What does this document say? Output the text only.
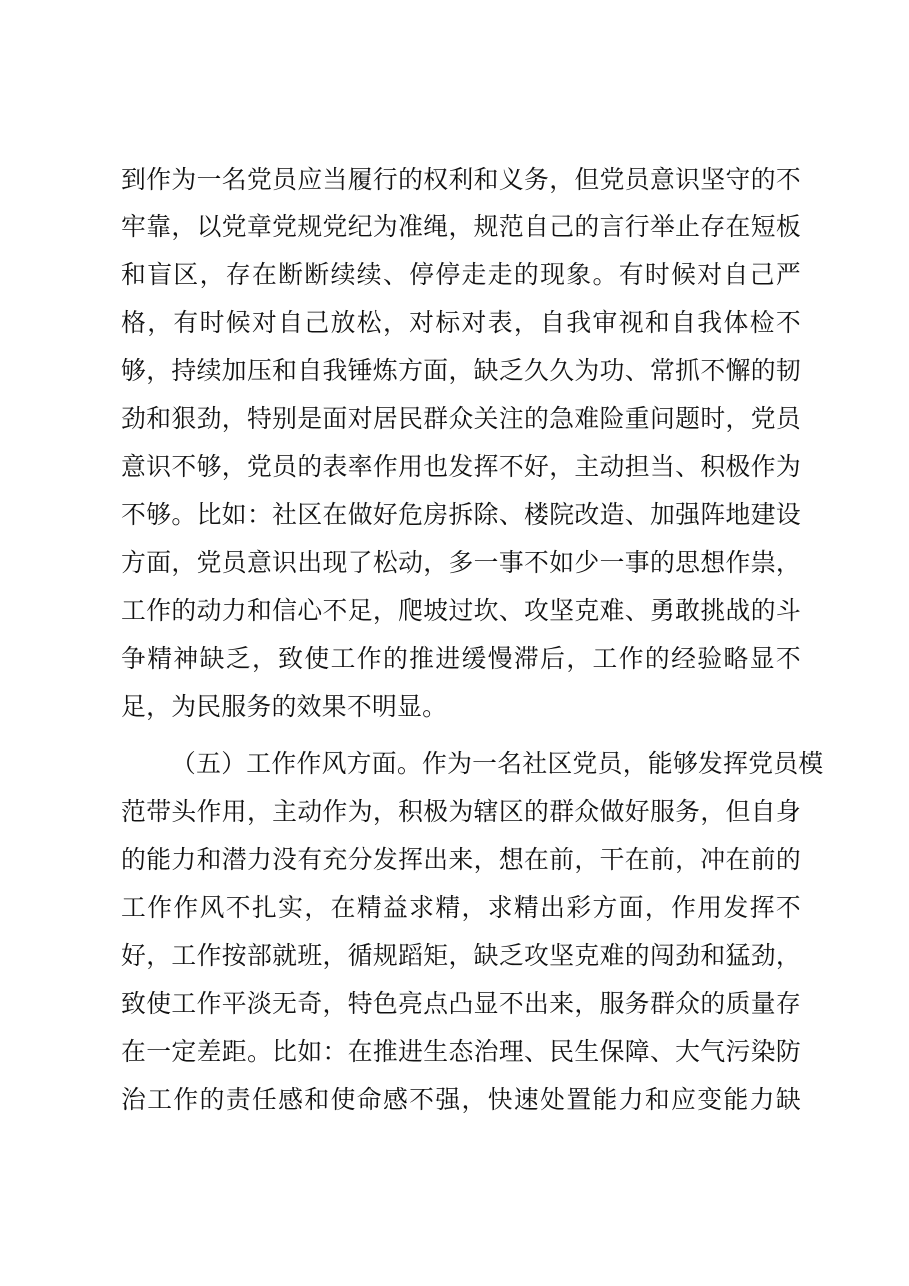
到作为一名党员应当履行的权利和义务，但党员意识坚守的不
牢靠，以党章党规党纪为准绳，规范自己的言行举止存在短板
和盲区，存在断断续续、停停走走的现象。有时候对自己严
格，有时候对自己放松，对标对表，自我审视和自我体检不
够，持续加压和自我锤炼方面，缺乏久久为功、常抓不懈的韧
劲和狠劲，特别是面对居民群众关注的急难险重问题时，党员
意识不够，党员的表率作用也发挥不好，主动担当、积极作为
不够。比如：社区在做好危房拆除、楼院改造、加强阵地建设
方面，党员意识出现了松动，多一事不如少一事的思想作祟，
工作的动力和信心不足，爬坡过坎、攻坚克难、勇敢挑战的斗
争精神缺乏，致使工作的推进缓慢滞后，工作的经验略显不
足，为民服务的效果不明显。
（五）工作作风方面。作为一名社区党员，能够发挥党员模
范带头作用，主动作为，积极为辖区的群众做好服务，但自身
的能力和潜力没有充分发挥出来，想在前，干在前，冲在前的
工作作风不扎实，在精益求精，求精出彩方面，作用发挥不
好，工作按部就班，循规蹈矩，缺乏攻坚克难的闯劲和猛劲，
致使工作平淡无奇，特色亮点凸显不出来，服务群众的质量存
在一定差距。比如：在推进生态治理、民生保障、大气污染防
治工作的责任感和使命感不强，快速处置能力和应变能力缺
